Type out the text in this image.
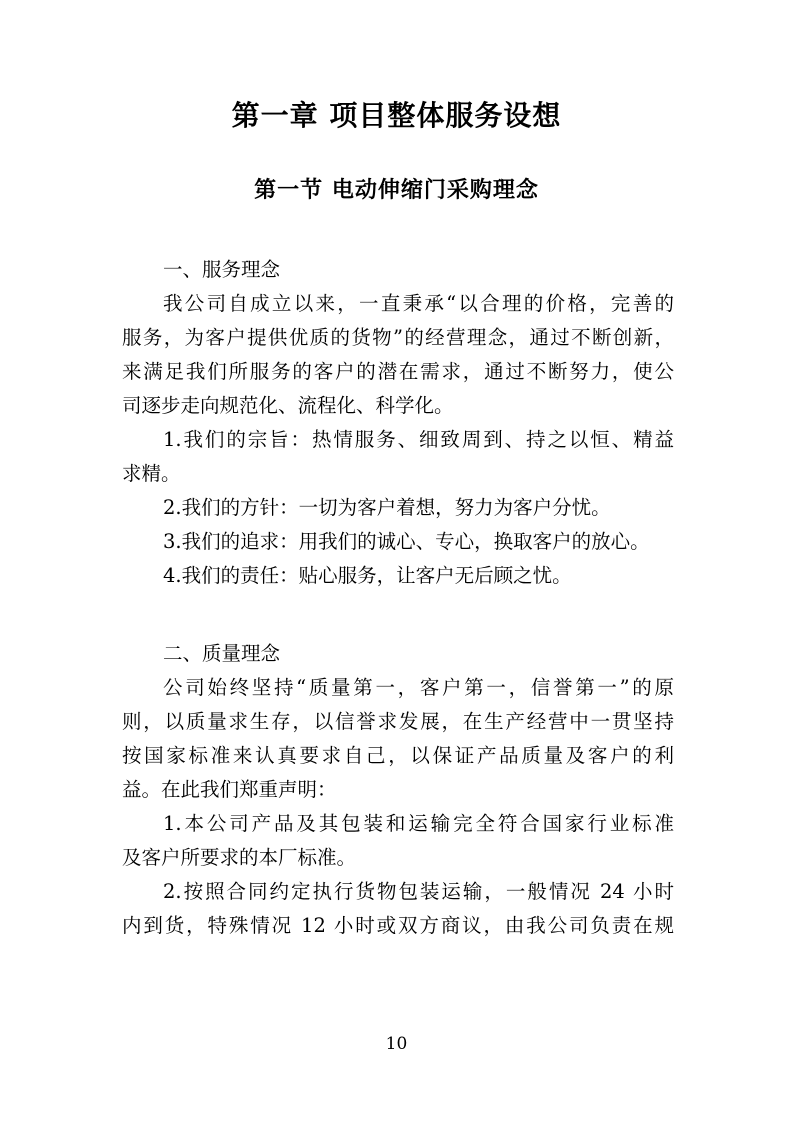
第一章 项目整体服务设想
第一节 电动伸缩门采购理念

一、服务理念

我公司自成立以来，一直秉承“以合理的价格，完善的

服务，为客户提供优质的货物”的经营理念，通过不断创新，

来满足我们所服务的客户的潜在需求，通过不断努力，使公

司逐步走向规范化、流程化、科学化。

1.我们的宗旨：热情服务、细致周到、持之以恒、精益

求精。

2.我们的方针：一切为客户着想，努力为客户分忧。

3.我们的追求：用我们的诚心、专心，换取客户的放心。

4.我们的责任：贴心服务，让客户无后顾之忧。

二、质量理念

公司始终坚持“质量第一，客户第一，信誉第一”的原

则，以质量求生存，以信誉求发展，在生产经营中一贯坚持

按国家标准来认真要求自己，以保证产品质量及客户的利

益。在此我们郑重声明：

1.本公司产品及其包装和运输完全符合国家行业标准

及客户所要求的本厂标准。

2.按照合同约定执行货物包装运输，一般情况 24 小时

内到货，特殊情况 12 小时或双方商议，由我公司负责在规

10
